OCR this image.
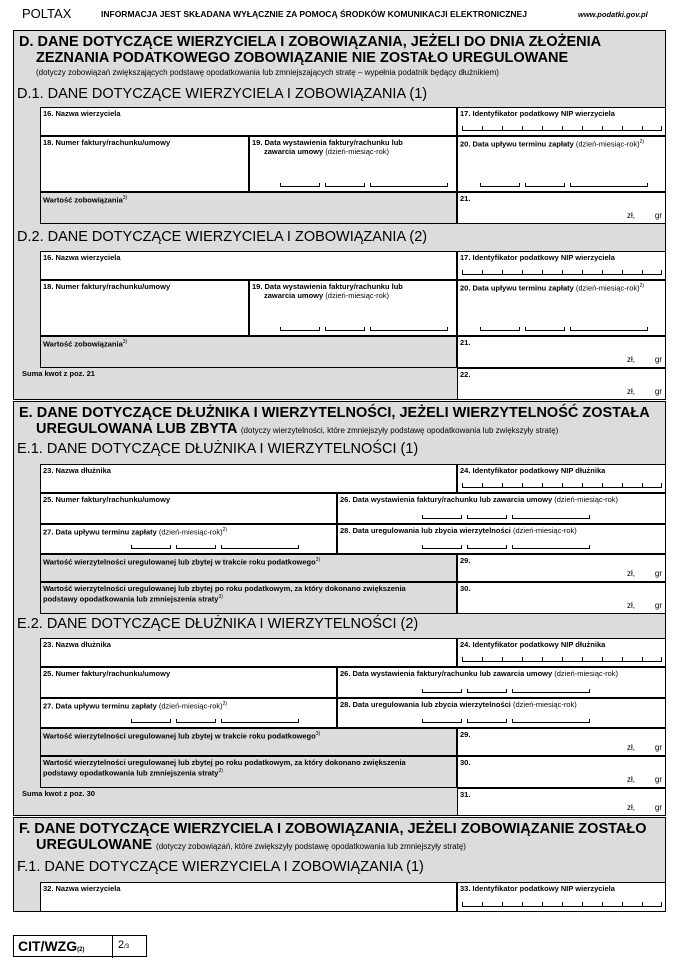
POLTAX	INFORMACJA JEST SKŁADANA WYŁĄCZNIE ZA POMOCĄ ŚRODKÓW KOMUNIKACJI ELEKTRONICZNEJ	www.podatki.gov.pl
D. DANE DOTYCZĄCE WIERZYCIELA I ZOBOWIĄZANIA, JEŻELI DO DNIA ZŁOŻENIA
ZEZNANIA PODATKOWEGO ZOBOWIĄZANIE NIE ZOSTAŁO UREGULOWANE
(dotyczy zobowiązań zwiększających podstawę opodatkowania lub zmniejszających stratę – wypełnia podatnik będący dłużnikiem)
D.1. DANE DOTYCZĄCE WIERZYCIELA I ZOBOWIĄZANIA (1)
16. Nazwa wierzyciela	17. Identyfikator podatkowy NIP wierzyciela
18. Numer faktury/rachunku/umowy	19. Data wystawienia faktury/rachunku lub
zawarcia umowy (dzień-miesiąc-rok)
20. Data upływu terminu zapłaty (dzień-miesiąc-rok)$^{2)}$
Wartość zobowiązania$^{3)}$	21.
zł, gr
D.2. DANE DOTYCZĄCE WIERZYCIELA I ZOBOWIĄZANIA (2)
16. Nazwa wierzyciela	17. Identyfikator podatkowy NIP wierzyciela
18. Numer faktury/rachunku/umowy	19. Data wystawienia faktury/rachunku lub
zawarcia umowy (dzień-miesiąc-rok)
20. Data upływu terminu zapłaty (dzień-miesiąc-rok)$^{2)}$
Wartość zobowiązania$^{3)}$	21.
zł, gr
Suma kwot z poz. 21	22.
zł, gr
E. DANE DOTYCZĄCE DŁUŻNIKA I WIERZYTELNOŚCI, JEŻELI WIERZYTELNOŚĆ ZOSTAŁA
UREGULOWANA LUB ZBYTA (dotyczy wierzytelności, które zmniejszyły podstawę opodatkowania lub zwiększyły stratę)
E.1. DANE DOTYCZĄCE DŁUŻNIKA I WIERZYTELNOŚCI (1)
23. Nazwa dłużnika	24. Identyfikator podatkowy NIP dłużnika
25. Numer faktury/rachunku/umowy	26. Data wystawienia faktury/rachunku lub zawarcia umowy (dzień-miesiąc-rok)
27. Data upływu terminu zapłaty (dzień-miesiąc-rok)$^{2)}$	28. Data uregulowania lub zbycia wierzytelności (dzień-miesiąc-rok)
Wartość wierzytelności uregulowanej lub zbytej w trakcie roku podatkowego$^{3)}$	29.
zł, gr
Wartość wierzytelności uregulowanej lub zbytej po roku podatkowym, za który dokonano zwiększenia
podstawy opodatkowania lub zmniejszenia straty$^{3)}$
30.
zł, gr
E.2. DANE DOTYCZĄCE DŁUŻNIKA I WIERZYTELNOŚCI (2)
23. Nazwa dłużnika	24. Identyfikator podatkowy NIP dłużnika
25. Numer faktury/rachunku/umowy	26. Data wystawienia faktury/rachunku lub zawarcia umowy (dzień-miesiąc-rok)
27. Data upływu terminu zapłaty (dzień-miesiąc-rok)$^{2)}$	28. Data uregulowania lub zbycia wierzytelności (dzień-miesiąc-rok)
Wartość wierzytelności uregulowanej lub zbytej w trakcie roku podatkowego$^{3)}$	29.
zł, gr
Wartość wierzytelności uregulowanej lub zbytej po roku podatkowym, za który dokonano zwiększenia
podstawy opodatkowania lub zmniejszenia straty$^{3)}$
30.
zł, gr
Suma kwot z poz. 30	31.
zł, gr
F. DANE DOTYCZĄCE WIERZYCIELA I ZOBOWIĄZANIA, JEŻELI ZOBOWIĄZANIE ZOSTAŁO
UREGULOWANE (dotyczy zobowiązań, które zwiększyły podstawę opodatkowania lub zmniejszyły stratę)
F.1. DANE DOTYCZĄCE WIERZYCIELA I ZOBOWIĄZANIA (1)
32. Nazwa wierzyciela	33. Identyfikator podatkowy NIP wierzyciela
CIT/WZG(2)	2/3
